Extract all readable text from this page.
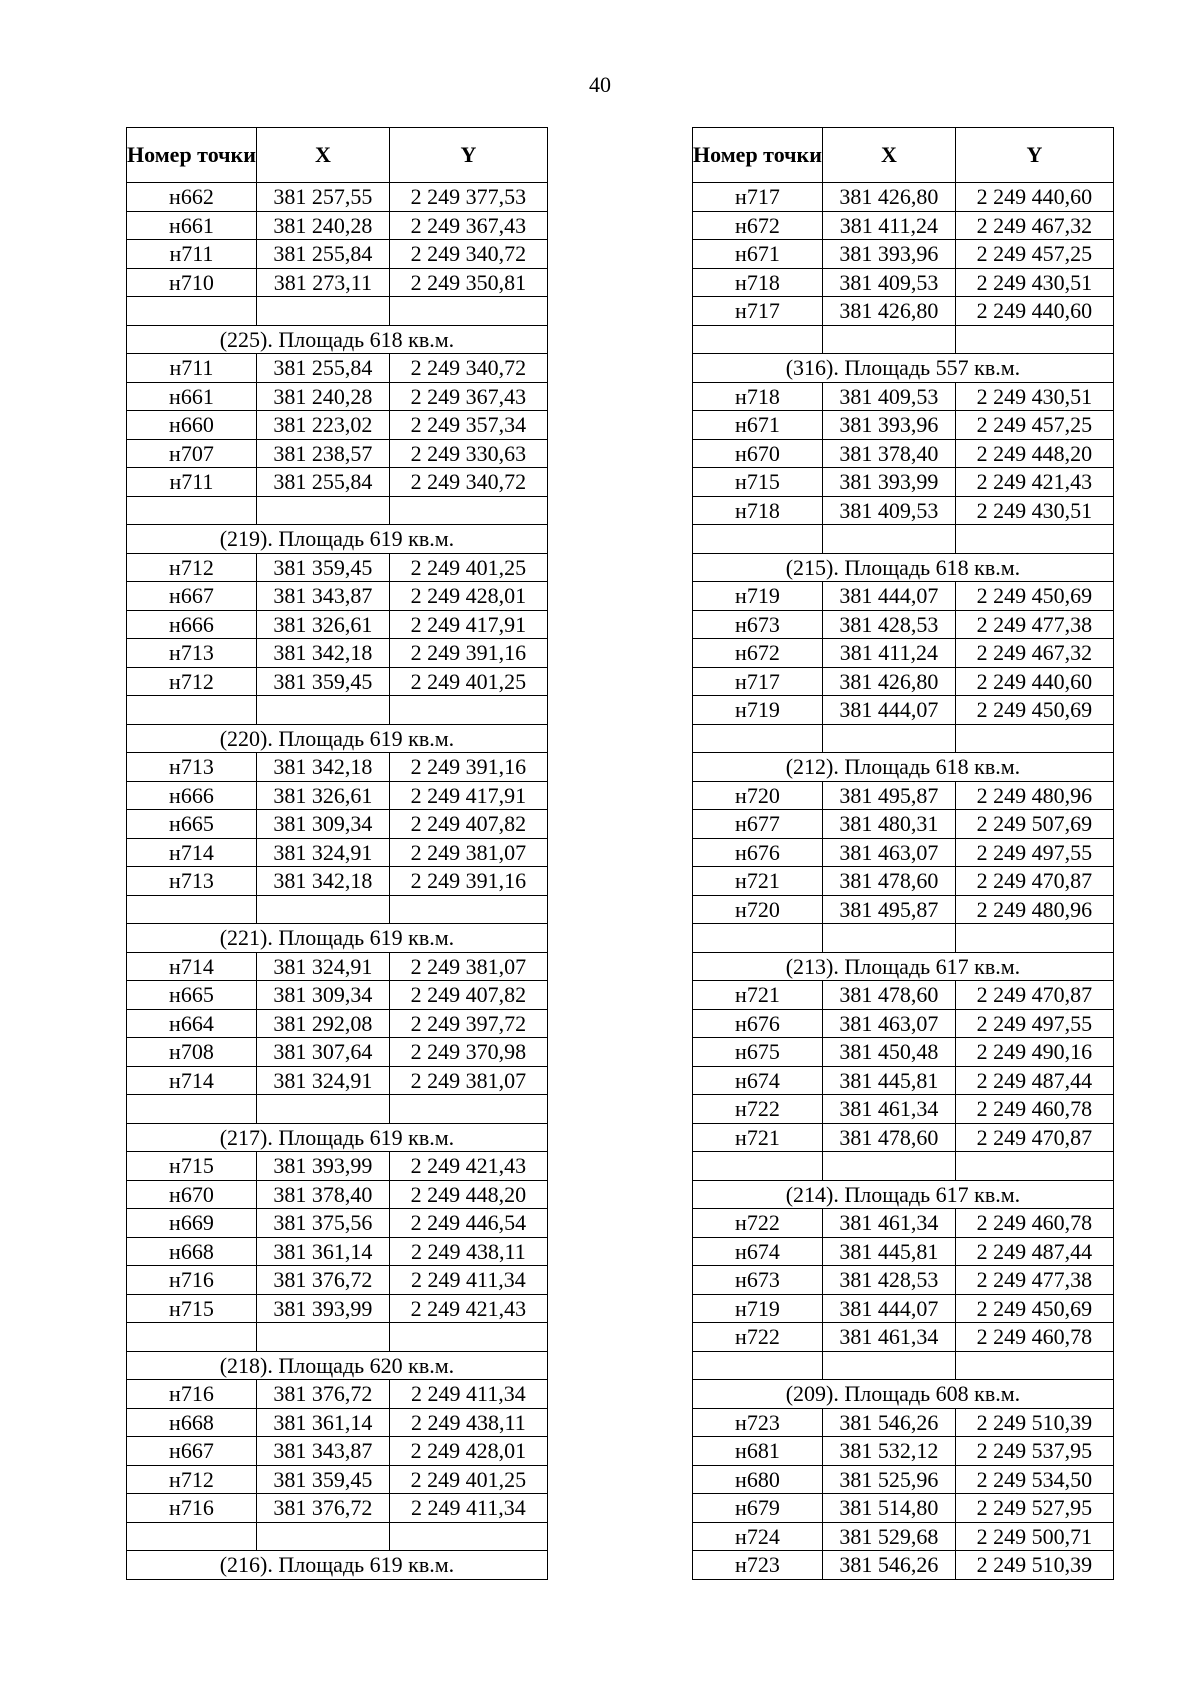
40
Номер точки	X	Y
н662	381 257,55	2 249 377,53
н661	381 240,28	2 249 367,43
н711	381 255,84	2 249 340,72
н710	381 273,11	2 249 350,81

(225). Площадь 618 кв.м.		
н711	381 255,84	2 249 340,72
н661	381 240,28	2 249 367,43
н660	381 223,02	2 249 357,34
н707	381 238,57	2 249 330,63
н711	381 255,84	2 249 340,72

(219). Площадь 619 кв.м.		
н712	381 359,45	2 249 401,25
н667	381 343,87	2 249 428,01
н666	381 326,61	2 249 417,91
н713	381 342,18	2 249 391,16
н712	381 359,45	2 249 401,25

(220). Площадь 619 кв.м.		
н713	381 342,18	2 249 391,16
н666	381 326,61	2 249 417,91
н665	381 309,34	2 249 407,82
н714	381 324,91	2 249 381,07
н713	381 342,18	2 249 391,16

(221). Площадь 619 кв.м.		
н714	381 324,91	2 249 381,07
н665	381 309,34	2 249 407,82
н664	381 292,08	2 249 397,72
н708	381 307,64	2 249 370,98
н714	381 324,91	2 249 381,07

(217). Площадь 619 кв.м.		
н715	381 393,99	2 249 421,43
н670	381 378,40	2 249 448,20
н669	381 375,56	2 249 446,54
н668	381 361,14	2 249 438,11
н716	381 376,72	2 249 411,34
н715	381 393,99	2 249 421,43

(218). Площадь 620 кв.м.		
н716	381 376,72	2 249 411,34
н668	381 361,14	2 249 438,11
н667	381 343,87	2 249 428,01
н712	381 359,45	2 249 401,25
н716	381 376,72	2 249 411,34

(216). Площадь 619 кв.м.		
Номер точки	X	Y
н717	381 426,80	2 249 440,60
н672	381 411,24	2 249 467,32
н671	381 393,96	2 249 457,25
н718	381 409,53	2 249 430,51
н717	381 426,80	2 249 440,60

(316). Площадь 557 кв.м.		
н718	381 409,53	2 249 430,51
н671	381 393,96	2 249 457,25
н670	381 378,40	2 249 448,20
н715	381 393,99	2 249 421,43
н718	381 409,53	2 249 430,51

(215). Площадь 618 кв.м.		
н719	381 444,07	2 249 450,69
н673	381 428,53	2 249 477,38
н672	381 411,24	2 249 467,32
н717	381 426,80	2 249 440,60
н719	381 444,07	2 249 450,69

(212). Площадь 618 кв.м.		
н720	381 495,87	2 249 480,96
н677	381 480,31	2 249 507,69
н676	381 463,07	2 249 497,55
н721	381 478,60	2 249 470,87
н720	381 495,87	2 249 480,96

(213). Площадь 617 кв.м.		
н721	381 478,60	2 249 470,87
н676	381 463,07	2 249 497,55
н675	381 450,48	2 249 490,16
н674	381 445,81	2 249 487,44
н722	381 461,34	2 249 460,78
н721	381 478,60	2 249 470,87

(214). Площадь 617 кв.м.		
н722	381 461,34	2 249 460,78
н674	381 445,81	2 249 487,44
н673	381 428,53	2 249 477,38
н719	381 444,07	2 249 450,69
н722	381 461,34	2 249 460,78

(209). Площадь 608 кв.м.		
н723	381 546,26	2 249 510,39
н681	381 532,12	2 249 537,95
н680	381 525,96	2 249 534,50
н679	381 514,80	2 249 527,95
н724	381 529,68	2 249 500,71
н723	381 546,26	2 249 510,39
